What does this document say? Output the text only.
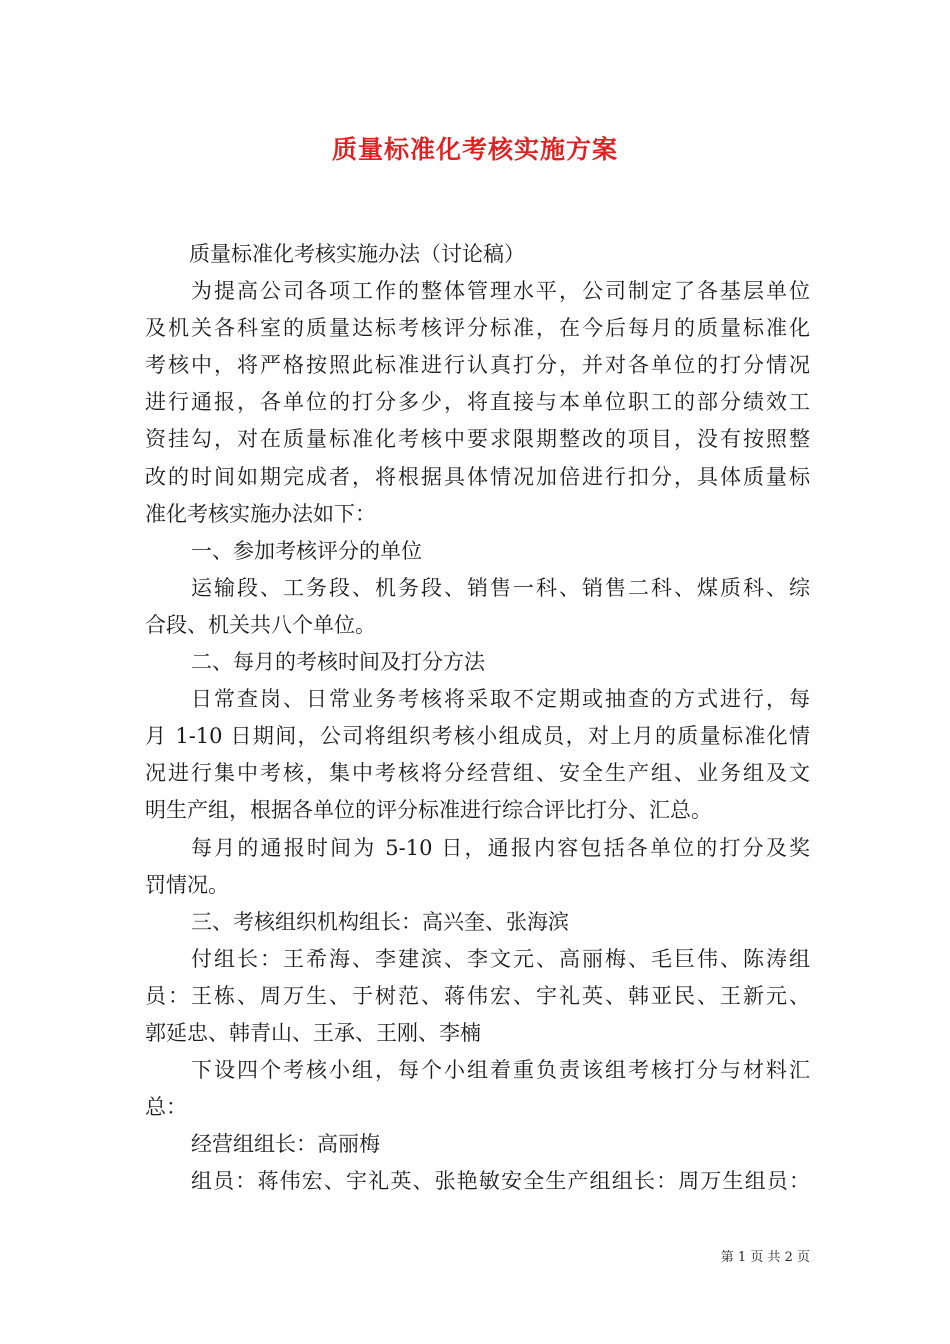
质量标准化考核实施方案
质量标准化考核实施办法（讨论稿）
为提高公司各项工作的整体管理水平，公司制定了各基层单位
及机关各科室的质量达标考核评分标准，在今后每月的质量标准化
考核中，将严格按照此标准进行认真打分，并对各单位的打分情况
进行通报，各单位的打分多少，将直接与本单位职工的部分绩效工
资挂勾，对在质量标准化考核中要求限期整改的项目，没有按照整
改的时间如期完成者，将根据具体情况加倍进行扣分，具体质量标
准化考核实施办法如下：
一、参加考核评分的单位
运输段、工务段、机务段、销售一科、销售二科、煤质科、综
合段、机关共八个单位。
二、每月的考核时间及打分方法
日常查岗、日常业务考核将采取不定期或抽查的方式进行，每
月 1-10 日期间，公司将组织考核小组成员，对上月的质量标准化情
况进行集中考核，集中考核将分经营组、安全生产组、业务组及文
明生产组，根据各单位的评分标准进行综合评比打分、汇总。
每月的通报时间为 5-10 日，通报内容包括各单位的打分及奖
罚情况。
三、考核组织机构组长：高兴奎、张海滨
付组长：王希海、李建滨、李文元、高丽梅、毛巨伟、陈涛组
员：王栋、周万生、于树范、蒋伟宏、宇礼英、韩亚民、王新元、
郭延忠、韩青山、王承、王刚、李楠
下设四个考核小组，每个小组着重负责该组考核打分与材料汇
总：
经营组组长：高丽梅
组员：蒋伟宏、宇礼英、张艳敏安全生产组组长：周万生组员：
第 1 页 共 2 页
